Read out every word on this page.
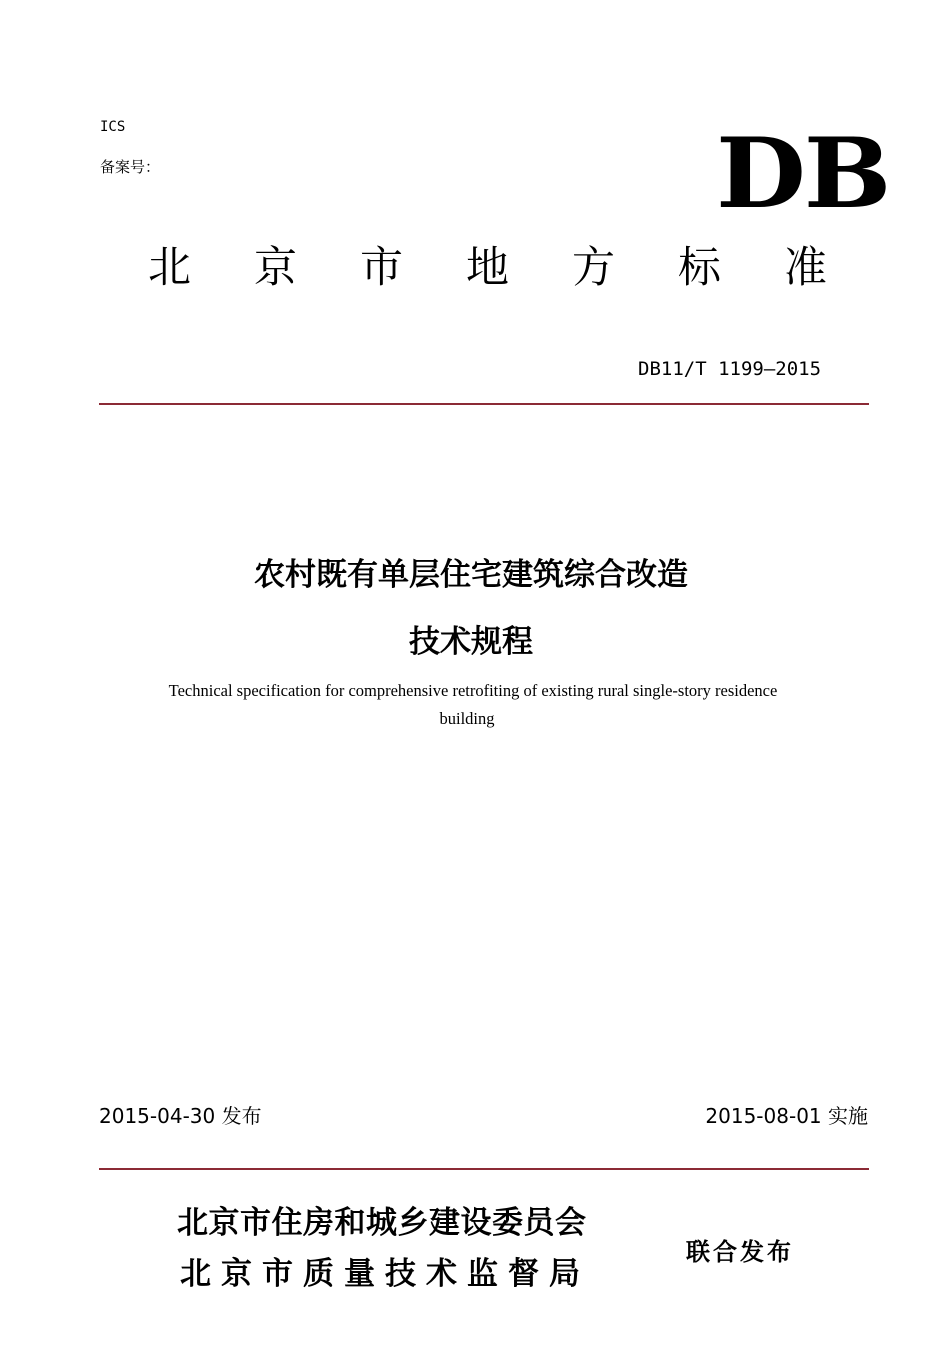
ICS
备案号：	DB
北京市地方标准
DB11/T 1199—2015
农村既有单层住宅建筑综合改造
技术规程
Technical specification for comprehensive retrofiting of existing rural single-story residence
building
2015-04-30 发布	2015-08-01 实施
北京市住房和城乡建设委员会
北京市质量技术监督局
联合发布
